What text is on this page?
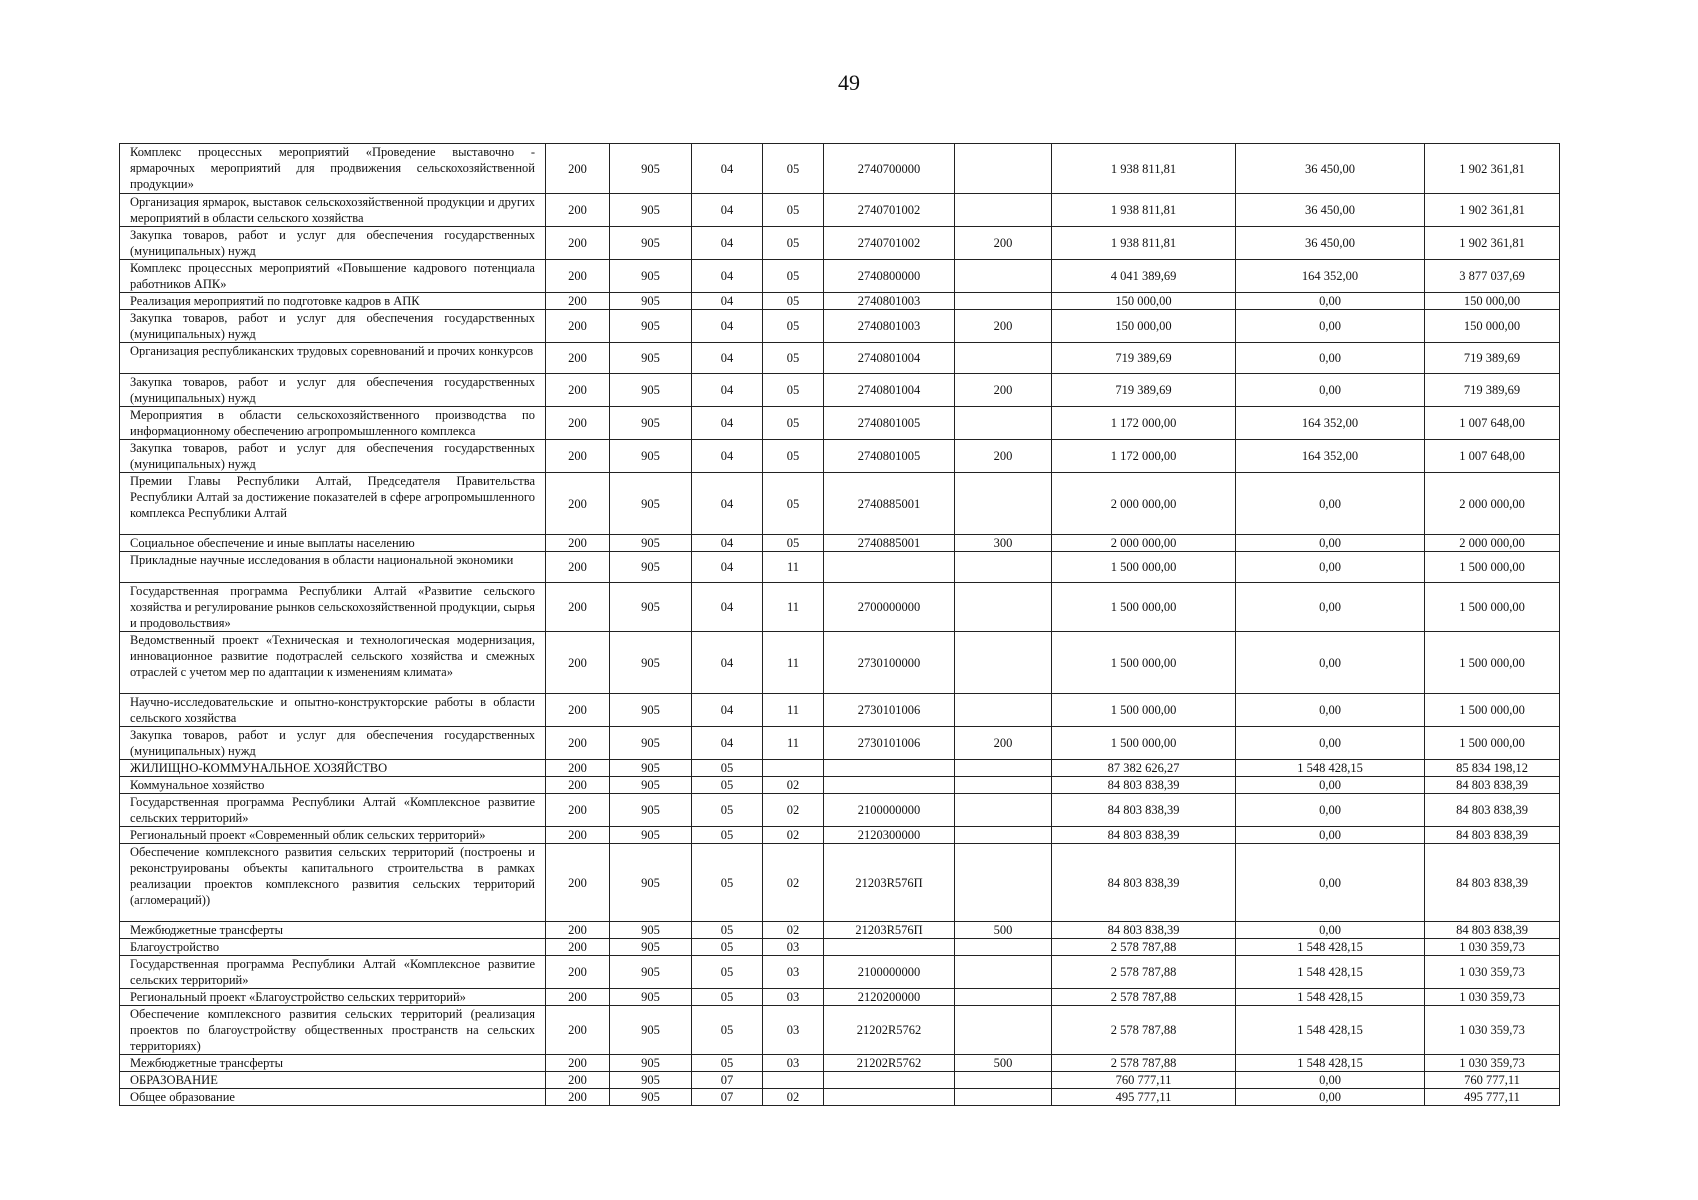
49
Комплекс процессных мероприятий «Проведение выставочно - ярмарочных мероприятий для продвижения сельскохозяйственной продукции»	200	905	04	05	2740700000		1 938 811,81	36 450,00	1 902 361,81
Организация ярмарок, выставок сельскохозяйственной продукции и других мероприятий в области сельского хозяйства	200	905	04	05	2740701002		1 938 811,81	36 450,00	1 902 361,81
Закупка товаров, работ и услуг для обеспечения государственных (муниципальных) нужд	200	905	04	05	2740701002	200	1 938 811,81	36 450,00	1 902 361,81
Комплекс процессных мероприятий «Повышение кадрового потенциала работников АПК»	200	905	04	05	2740800000		4 041 389,69	164 352,00	3 877 037,69
Реализация мероприятий по подготовке кадров в АПК	200	905	04	05	2740801003		150 000,00	0,00	150 000,00
Закупка товаров, работ и услуг для обеспечения государственных (муниципальных) нужд	200	905	04	05	2740801003	200	150 000,00	0,00	150 000,00
Организация республиканских трудовых соревнований и прочих конкурсов	200	905	04	05	2740801004		719 389,69	0,00	719 389,69
Закупка товаров, работ и услуг для обеспечения государственных (муниципальных) нужд	200	905	04	05	2740801004	200	719 389,69	0,00	719 389,69
Мероприятия в области сельскохозяйственного производства по информационному обеспечению агропромышленного комплекса	200	905	04	05	2740801005		1 172 000,00	164 352,00	1 007 648,00
Закупка товаров, работ и услуг для обеспечения государственных (муниципальных) нужд	200	905	04	05	2740801005	200	1 172 000,00	164 352,00	1 007 648,00
Премии Главы Республики Алтай, Председателя Правительства Республики Алтай за достижение показателей в сфере агропромышленного комплекса Республики Алтай	200	905	04	05	2740885001		2 000 000,00	0,00	2 000 000,00
Социальное обеспечение и иные выплаты населению	200	905	04	05	2740885001	300	2 000 000,00	0,00	2 000 000,00
Прикладные научные исследования в области национальной экономики	200	905	04	11			1 500 000,00	0,00	1 500 000,00
Государственная программа Республики Алтай «Развитие сельского хозяйства и регулирование рынков сельскохозяйственной продукции, сырья и продовольствия»	200	905	04	11	2700000000		1 500 000,00	0,00	1 500 000,00
Ведомственный проект «Техническая и технологическая модернизация, инновационное развитие подотраслей сельского хозяйства и смежных отраслей с учетом мер по адаптации к изменениям климата»	200	905	04	11	2730100000		1 500 000,00	0,00	1 500 000,00
Научно-исследовательские и опытно-конструкторские работы в области сельского хозяйства	200	905	04	11	2730101006		1 500 000,00	0,00	1 500 000,00
Закупка товаров, работ и услуг для обеспечения государственных (муниципальных) нужд	200	905	04	11	2730101006	200	1 500 000,00	0,00	1 500 000,00
ЖИЛИЩНО-КОММУНАЛЬНОЕ ХОЗЯЙСТВО	200	905	05				87 382 626,27	1 548 428,15	85 834 198,12
Коммунальное хозяйство	200	905	05	02			84 803 838,39	0,00	84 803 838,39
Государственная программа Республики Алтай «Комплексное развитие сельских территорий»	200	905	05	02	2100000000		84 803 838,39	0,00	84 803 838,39
Региональный проект «Современный облик сельских территорий»	200	905	05	02	2120300000		84 803 838,39	0,00	84 803 838,39
Обеспечение комплексного развития сельских территорий (построены и реконструированы объекты капитального строительства в рамках реализации проектов комплексного развития сельских территорий (агломераций))	200	905	05	02	21203R576П		84 803 838,39	0,00	84 803 838,39
Межбюджетные трансферты	200	905	05	02	21203R576П	500	84 803 838,39	0,00	84 803 838,39
Благоустройство	200	905	05	03			2 578 787,88	1 548 428,15	1 030 359,73
Государственная программа Республики Алтай «Комплексное развитие сельских территорий»	200	905	05	03	2100000000		2 578 787,88	1 548 428,15	1 030 359,73
Региональный проект «Благоустройство сельских территорий»	200	905	05	03	2120200000		2 578 787,88	1 548 428,15	1 030 359,73
Обеспечение комплексного развития сельских территорий (реализация проектов по благоустройству общественных пространств на сельских территориях)	200	905	05	03	21202R5762		2 578 787,88	1 548 428,15	1 030 359,73
Межбюджетные трансферты	200	905	05	03	21202R5762	500	2 578 787,88	1 548 428,15	1 030 359,73
ОБРАЗОВАНИЕ	200	905	07				760 777,11	0,00	760 777,11
Общее образование	200	905	07	02			495 777,11	0,00	495 777,11
